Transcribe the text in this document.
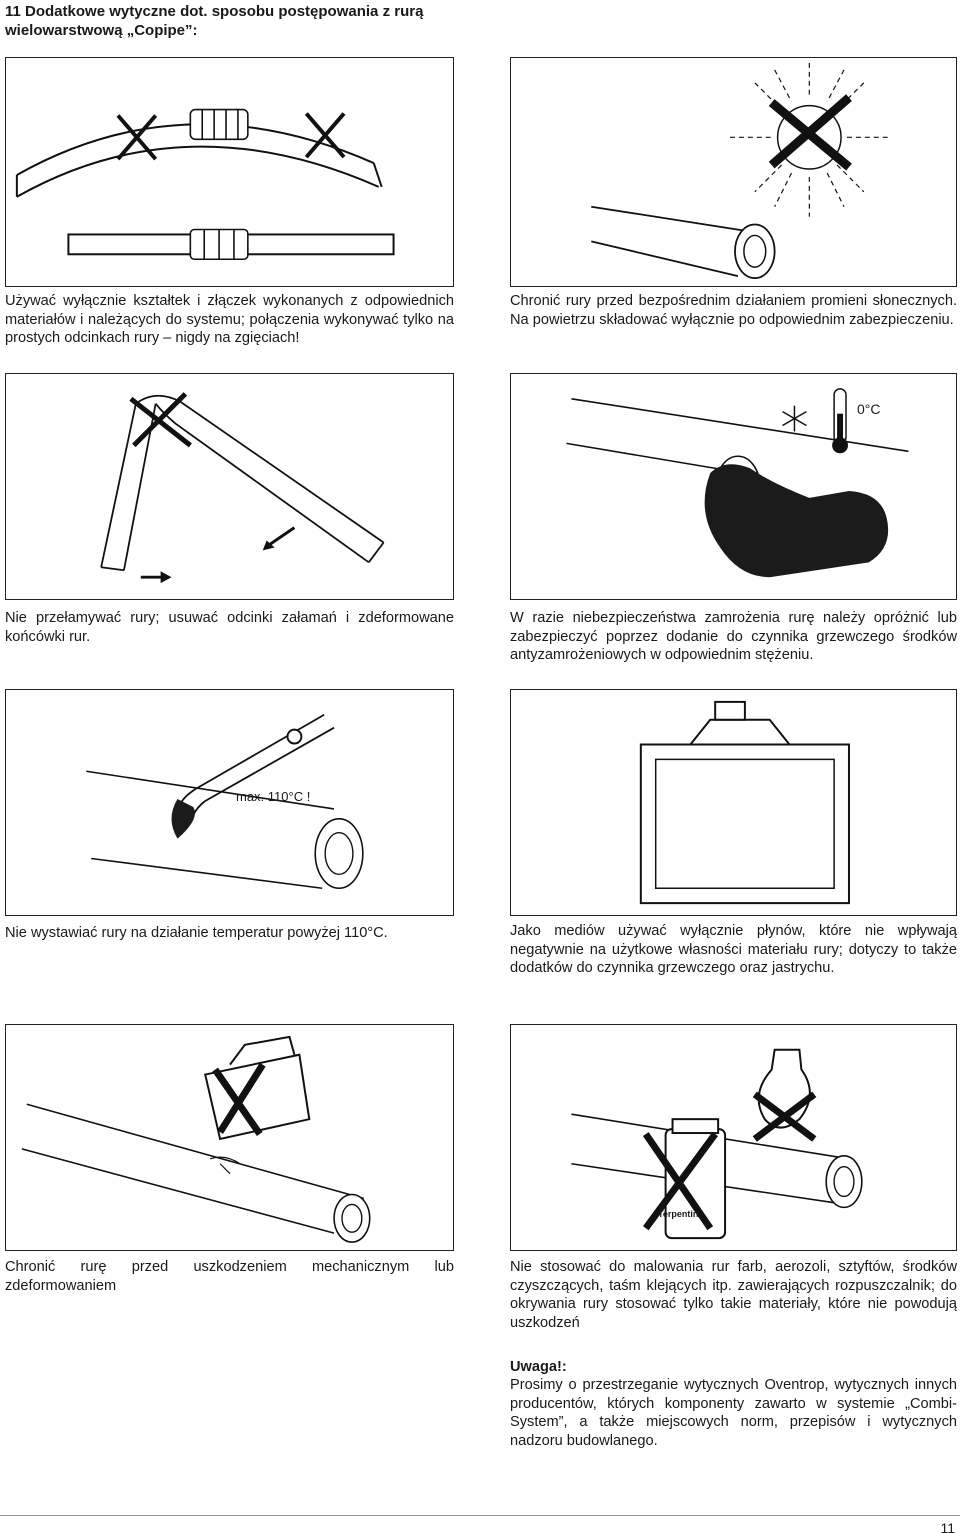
11 Dodatkowe wytyczne dot. sposobu postępowania z rurą wielowarstwową „Copipe”:
Używać wyłącznie kształtek i złączek wykonanych z odpowiednich materiałów i należących do systemu; połączenia wykonywać tylko na prostych odcinkach rury – nigdy na zgięciach!
Chronić rury przed bezpośrednim działaniem promieni słonecznych. Na powietrzu składować wyłącznie po odpowiednim zabezpieczeniu.
Nie przełamywać rury; usuwać odcinki załamań i zdeformowane końcówki rur.
0°C
W razie niebezpieczeństwa zamrożenia rurę należy opróżnić lub zabezpieczyć poprzez dodanie do czynnika grzewczego środków antyzamrożeniowych w odpowiednim stężeniu.
max. 110°C !
Nie wystawiać rury na działanie temperatur powyżej 110°C.	Jako mediów używać wyłącznie płynów, które nie wpływają negatywnie na użytkowe własności materiału rury; dotyczy to także dodatków do czynnika grzewczego oraz jastrychu.
Chronić rurę przed uszkodzeniem mechanicznym lub zdeformowaniem
Terpentin
Nie stosować do malowania rur farb, aerozoli, sztyftów, środków czyszczących, taśm klejących itp. zawierających rozpuszczalnik; do okrywania rury stosować tylko takie materiały, które nie powodują uszkodzeń
Uwaga!:
Prosimy o przestrzeganie wytycznych Oventrop, wytycznych innych producentów, których komponenty zawarto w systemie „Combi-System”, a także miejscowych norm, przepisów i wytycznych nadzoru budowlanego.
11
